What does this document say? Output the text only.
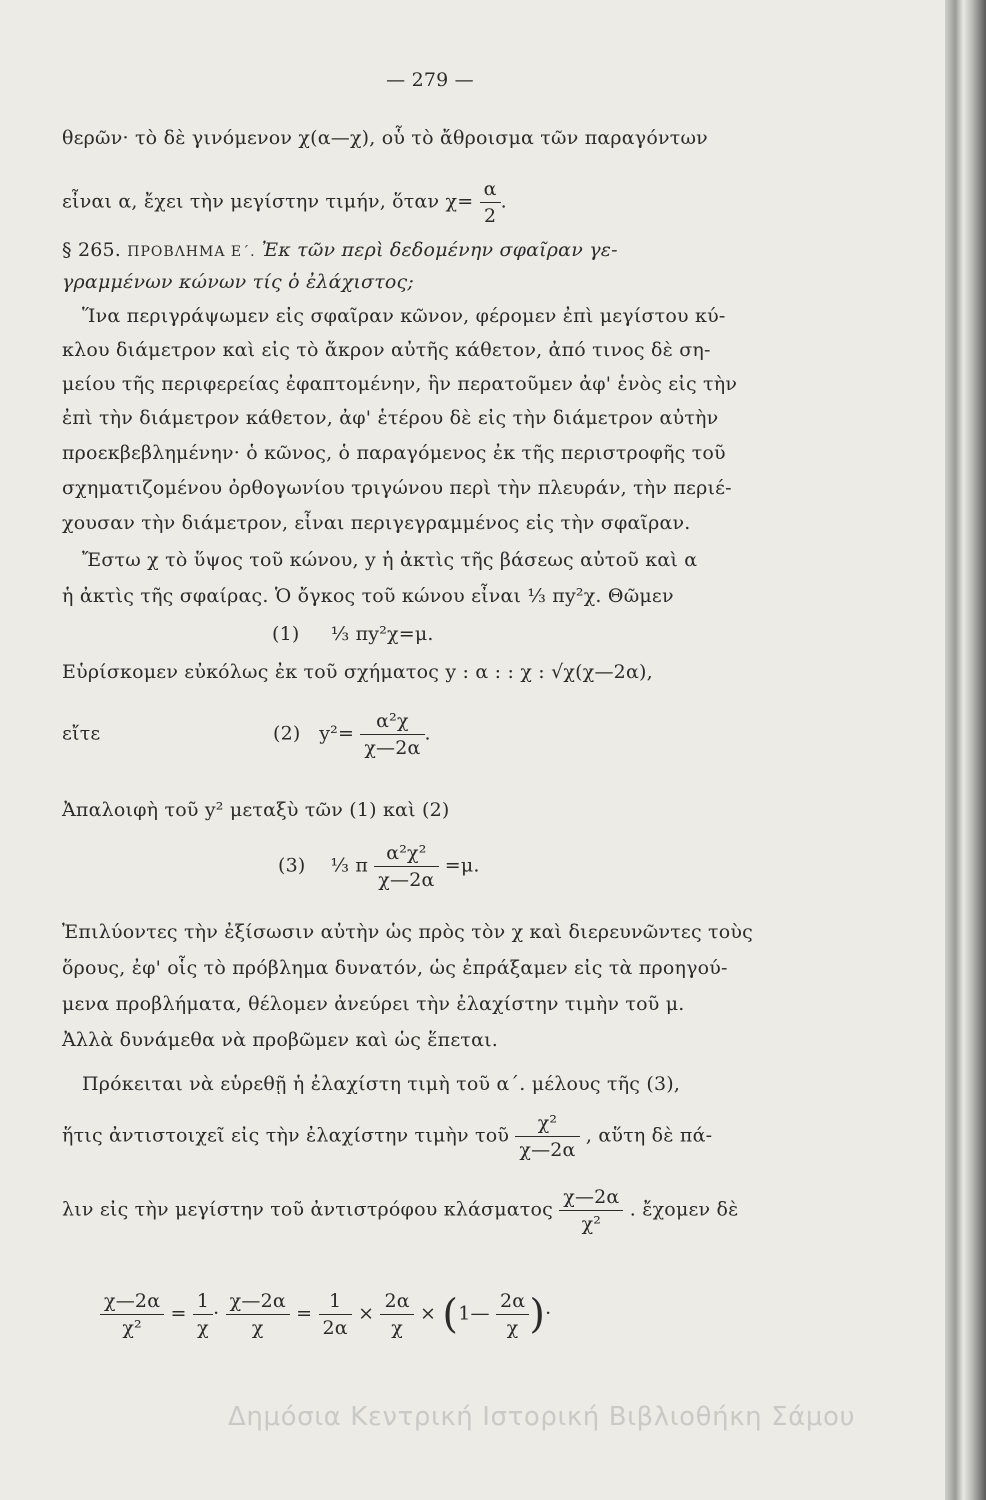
— 279 —
θερῶν· τὸ δὲ γινόμενον χ(α—χ), οὗ τὸ ἄθροισμα τῶν παραγόντων
εἶναι α, ἔχει τὴν μεγίστην τιμήν, ὅταν $\chi= \frac{\alpha}{2}$ .
§ 265. ΠΡΟΒΛΗΜΑ Ε΄. Ἐκ τῶν περὶ δεδομένην σφαῖραν γε-
γραμμένων κώνων τίς ὁ ἐλάχιστος;
Ἵνα περιγράψωμεν εἰς σφαῖραν κῶνον, φέρομεν ἐπὶ μεγίστου κύ-
κλου διάμετρον καὶ εἰς τὸ ἄκρον αὐτῆς κάθετον, ἀπό τινος δὲ ση-
μείου τῆς περιφερείας ἐφαπτομένην, ἣν περατοῦμεν ἀφ' ἑνὸς εἰς τὴν
ἐπὶ τὴν διάμετρον κάθετον, ἀφ' ἑτέρου δὲ εἰς τὴν διάμετρον αὐτὴν
προεκβεβλημένην· ὁ κῶνος, ὁ παραγόμενος ἐκ τῆς περιστροφῆς τοῦ
σχηματιζομένου ὀρθογωνίου τριγώνου περὶ τὴν πλευράν, τὴν περιέ-
χουσαν τὴν διάμετρον, εἶναι περιγεγραμμένος εἰς τὴν σφαῖραν.
Ἔστω χ τὸ ὕψος τοῦ κώνου, y ἡ ἀκτὶς τῆς βάσεως αὐτοῦ καὶ α
ἡ ἀκτὶς τῆς σφαίρας. Ὁ ὄγκος τοῦ κώνου εἶναι ⅓ πy²χ. Θῶμεν
(1) ⅓ πy²χ=μ.
Εὑρίσκομεν εὐκόλως ἐκ τοῦ σχήματος y : α : : χ : √χ(χ—2α),
εἴτε	(2) $y^2= \frac{\text{α²χ}}{\chi—2\alpha}$ .
Ἀπαλοιφὴ τοῦ y² μεταξὺ τῶν (1) καὶ (2)
(3) ⅓ π $\frac{\text{α²χ²}}{\chi—2\alpha} =\mu$.
Ἐπιλύοντες τὴν ἐξίσωσιν αὐτὴν ὡς πρὸς τὸν χ καὶ διερευνῶντες τοὺς
ὅρους, ἐφ' οἷς τὸ πρόβλημα δυνατόν, ὡς ἐπράξαμεν εἰς τὰ προηγού-
μενα προβλήματα, θέλομεν ἀνεύρει τὴν ἐλαχίστην τιμὴν τοῦ μ.
Ἀλλὰ δυνάμεθα νὰ προβῶμεν καὶ ὡς ἕπεται.
Πρόκειται νὰ εὑρεθῇ ἡ ἐλαχίστη τιμὴ τοῦ α΄. μέλους τῆς (3),
ἥτις ἀντιστοιχεῖ εἰς τὴν ἐλαχίστην τιμὴν τοῦ $\frac{\text{χ²}}{\chi—2\alpha}$ , αὕτη δὲ πά-
λιν εἰς τὴν μεγίστην τοῦ ἀντιστρόφου κλάσματος $\frac{\chi—2\alpha}{\text{χ²}}$ . ἔχομεν δὲ
$\frac{\chi—2\alpha}{\text{χ²}} = \frac{1}{\chi} \cdot \frac{\chi—2\alpha}{\chi} = \frac{1}{2\alpha} \times \frac{2\alpha}{\chi}$ × (1— $\frac{2\alpha}{\chi}$ )·
Δημόσια Κεντρική Ιστορική Βιβλιοθήκη Σάμου
